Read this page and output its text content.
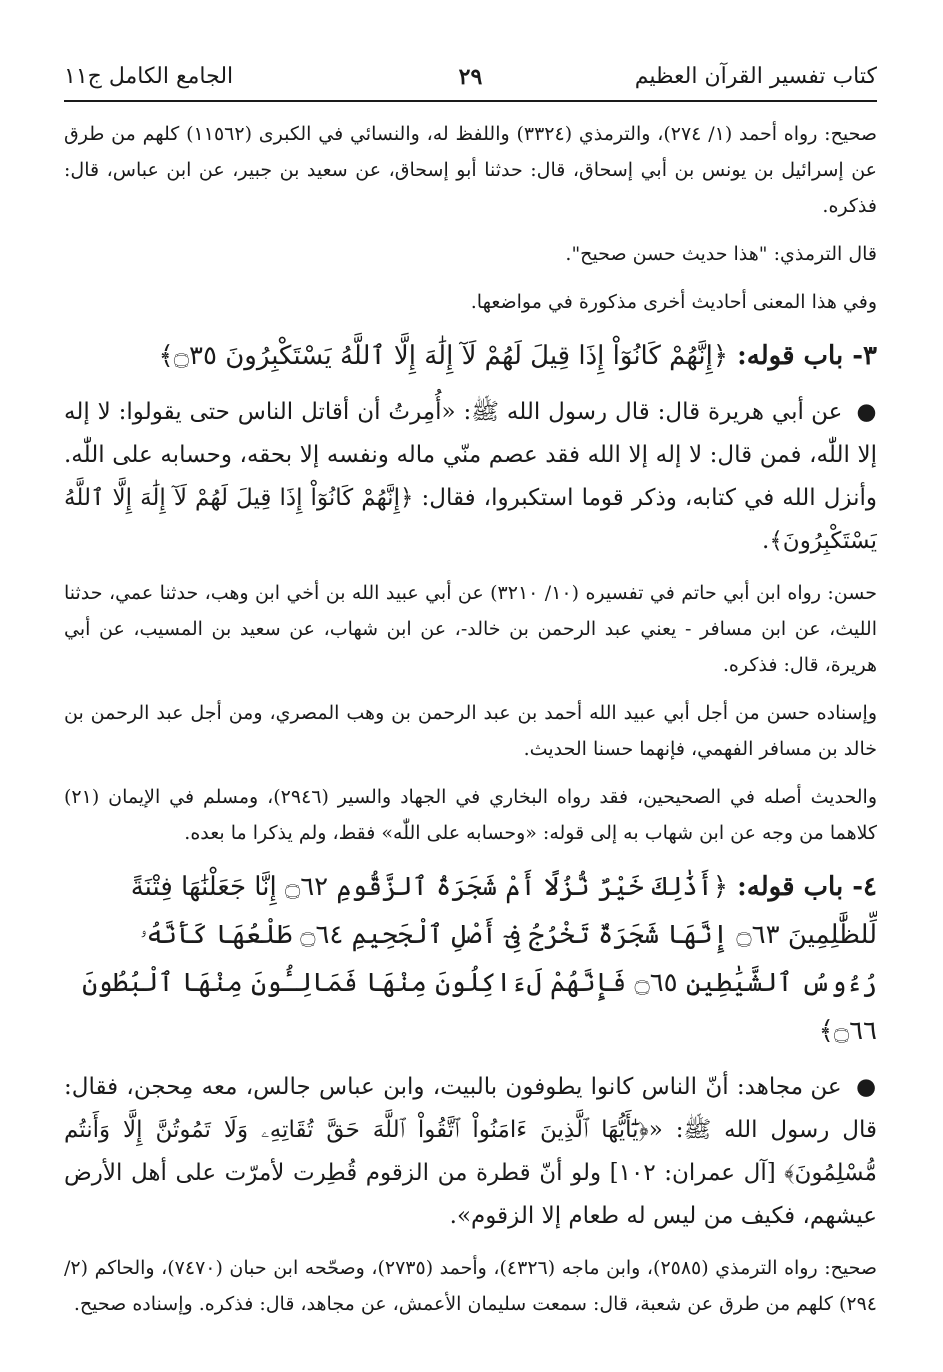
كتاب تفسير القرآن العظيم
٢٩
الجامع الكامل ج١١

صحيح: رواه أحمد (١/ ٢٧٤)، والترمذي (٣٣٢٤) واللفظ له، والنسائي في الكبرى (١١٥٦٢) كلهم من طرق عن إسرائيل بن يونس بن أبي إسحاق، قال: حدثنا أبو إسحاق، عن سعيد بن جبير، عن ابن عباس، قال: فذكره.

قال الترمذي: "هذا حديث حسن صحيح".

وفي هذا المعنى أحاديث أخرى مذكورة في مواضعها.

٣- باب قوله: ﴿إِنَّهُمْ كَانُوٓاْ إِذَا قِيلَ لَهُمْ لَآ إِلَٰهَ إِلَّا ٱللَّهُ يَسْتَكْبِرُونَ ۝٣٥﴾

● عن أبي هريرة قال: قال رسول الله ﷺ: «أُمِرتُ أن أقاتل الناس حتى يقولوا: لا إله إلا اللّٰه، فمن قال: لا إله إلا الله فقد عصم منّي ماله ونفسه إلا بحقه، وحسابه على اللّٰه. وأنزل الله في كتابه، وذكر قوما استكبروا، فقال: ﴿إِنَّهُمْ كَانُوٓاْ إِذَا قِيلَ لَهُمْ لَآ إِلَٰهَ إِلَّا ٱللَّهُ يَسْتَكْبِرُونَ﴾.

حسن: رواه ابن أبي حاتم في تفسيره (١٠/ ٣٢١٠) عن أبي عبيد الله بن أخي ابن وهب، حدثنا عمي، حدثنا الليث، عن ابن مسافر - يعني عبد الرحمن بن خالد-، عن ابن شهاب، عن سعيد بن المسيب، عن أبي هريرة، قال: فذكره.

وإسناده حسن من أجل أبي عبيد الله أحمد بن عبد الرحمن بن وهب المصري، ومن أجل عبد الرحمن بن خالد بن مسافر الفهمي، فإنهما حسنا الحديث.

والحديث أصله في الصحيحين، فقد رواه البخاري في الجهاد والسير (٢٩٤٦)، ومسلم في الإيمان (٢١) كلاهما من وجه عن ابن شهاب به إلى قوله: «وحسابه على اللّٰه» فقط، ولم يذكرا ما بعده.

٤- باب قوله: ﴿أَذَٰلِكَ خَيْرٌ نُّزُلًا أَمْ شَجَرَةُ ٱلزَّقُّومِ ۝٦٢ إِنَّا جَعَلْنَٰهَا فِتْنَةً لِّلظَّٰلِمِينَ ۝٦٣ إِنَّهَا شَجَرَةٌ تَخْرُجُ فِىٓ أَصْلِ ٱلْجَحِيمِ ۝٦٤ طَلْعُهَا كَأَنَّهُۥ رُءُوسُ ٱلشَّيَٰطِينِ ۝٦٥ فَإِنَّهُمْ لَءَاكِلُونَ مِنْهَا فَمَالِـُٔونَ مِنْهَا ٱلْبُطُونَ ۝٦٦﴾

● عن مجاهد: أنّ الناس كانوا يطوفون بالبيت، وابن عباس جالس، معه مِحجن، فقال: قال رسول الله ﷺ: «﴿يَٰٓأَيُّهَا ٱلَّذِينَ ءَامَنُواْ ٱتَّقُواْ ٱللَّهَ حَقَّ تُقَاتِهِۦ وَلَا تَمُوتُنَّ إِلَّا وَأَنتُم مُّسْلِمُونَ﴾ [آل عمران: ١٠٢] ولو أنّ قطرة من الزقوم قُطِرت لأمرّت على أهل الأرض عيشهم، فكيف من ليس له طعام إلا الزقوم».

صحيح: رواه الترمذي (٢٥٨٥)، وابن ماجه (٤٣٢٦)، وأحمد (٢٧٣٥)، وصحّحه ابن حبان (٧٤٧٠)، والحاكم (٢/ ٢٩٤) كلهم من طرق عن شعبة، قال: سمعت سليمان الأعمش، عن مجاهد، قال: فذكره. وإسناده صحيح.
